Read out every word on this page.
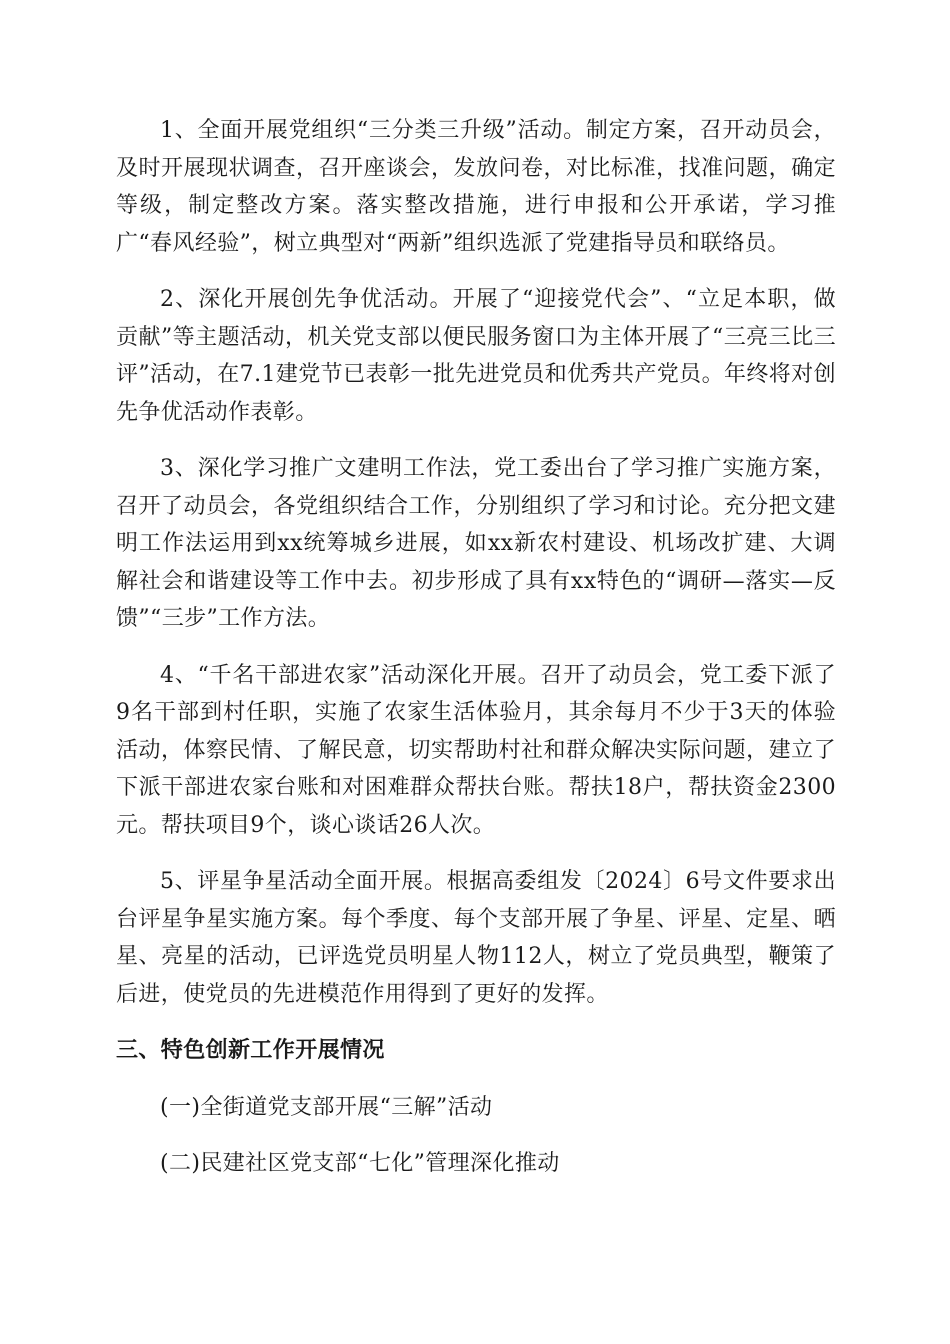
1、全面开展党组织“三分类三升级”活动。制定方案，召开动员会，及时开展现状调查，召开座谈会，发放问卷，对比标准，找准问题，确定等级，制定整改方案。落实整改措施，进行申报和公开承诺，学习推广“春风经验”，树立典型对“两新”组织选派了党建指导员和联络员。

2、深化开展创先争优活动。开展了“迎接党代会”、“立足本职，做贡献”等主题活动，机关党支部以便民服务窗口为主体开展了“三亮三比三评”活动，在7.1建党节已表彰一批先进党员和优秀共产党员。年终将对创先争优活动作表彰。

3、深化学习推广文建明工作法，党工委出台了学习推广实施方案，召开了动员会，各党组织结合工作，分别组织了学习和讨论。充分把文建明工作法运用到xx统筹城乡进展，如xx新农村建设、机场改扩建、大调解社会和谐建设等工作中去。初步形成了具有xx特色的“调研—落实—反馈”“三步”工作方法。

4、“千名干部进农家”活动深化开展。召开了动员会，党工委下派了9名干部到村任职，实施了农家生活体验月，其余每月不少于3天的体验活动，体察民情、了解民意，切实帮助村社和群众解决实际问题，建立了下派干部进农家台账和对困难群众帮扶台账。帮扶18户，帮扶资金2300元。帮扶项目9个，谈心谈话26人次。

5、评星争星活动全面开展。根据高委组发〔2024〕6号文件要求出台评星争星实施方案。每个季度、每个支部开展了争星、评星、定星、晒星、亮星的活动，已评选党员明星人物112人，树立了党员典型，鞭策了后进，使党员的先进模范作用得到了更好的发挥。

三、特色创新工作开展情况

(一)全街道党支部开展“三解”活动

(二)民建社区党支部“七化”管理深化推动
